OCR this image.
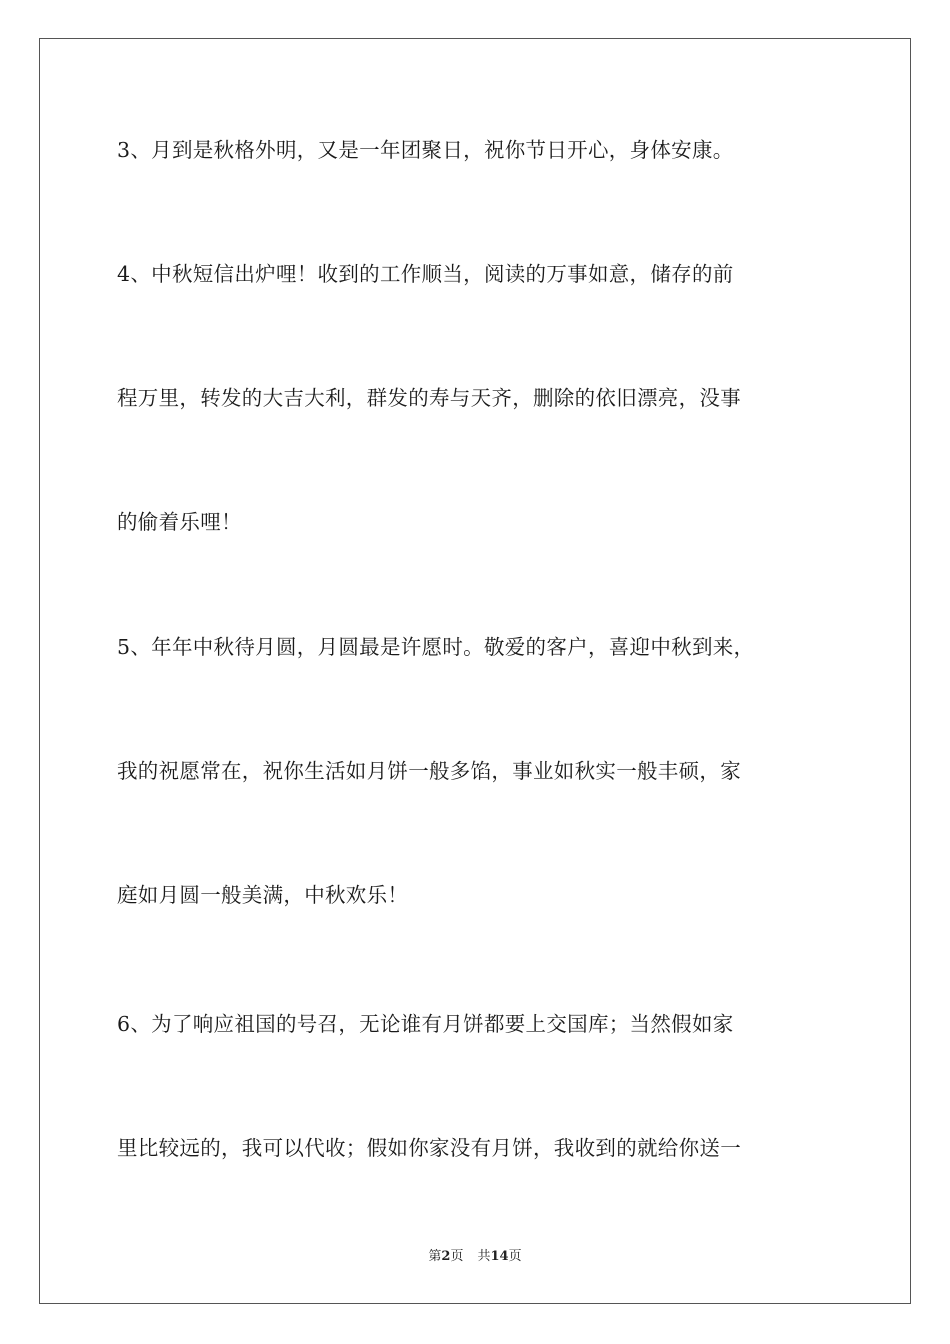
3、月到是秋格外明，又是一年团聚日，祝你节日开心，身体安康。
4、中秋短信出炉哩！收到的工作顺当，阅读的万事如意，储存的前
程万里，转发的大吉大利，群发的寿与天齐，删除的依旧漂亮，没事
的偷着乐哩！
5、年年中秋待月圆，月圆最是许愿时。敬爱的客户，喜迎中秋到来，
我的祝愿常在，祝你生活如月饼一般多馅，事业如秋实一般丰硕，家
庭如月圆一般美满，中秋欢乐！
6、为了响应祖国的号召，无论谁有月饼都要上交国库；当然假如家
里比较远的，我可以代收；假如你家没有月饼，我收到的就给你送一
第2页 共14页
